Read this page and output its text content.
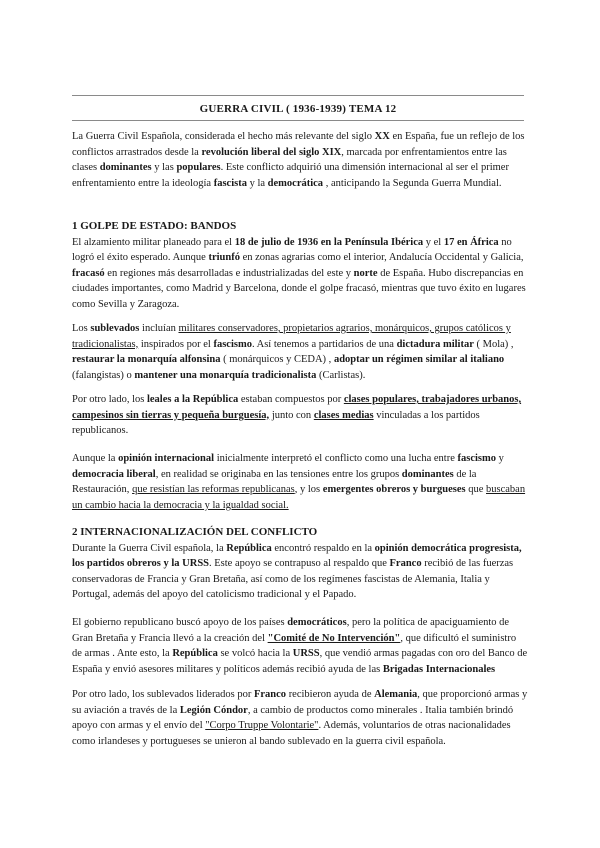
GUERRA CIVIL ( 1936-1939) TEMA 12

La Guerra Civil Española, considerada el hecho más relevante del siglo XX en España, fue un reflejo de los conflictos arrastrados desde la revolución liberal del siglo XIX, marcada por enfrentamientos entre las clases dominantes y las populares. Este conflicto adquirió una dimensión internacional al ser el primer enfrentamiento entre la ideología fascista y la democrática , anticipando la Segunda Guerra Mundial.

1 GOLPE DE ESTADO: BANDOS

El alzamiento militar planeado para el 18 de julio de 1936 en la Península Ibérica y el 17 en África no logró el éxito esperado. Aunque triunfó en zonas agrarias como el interior, Andalucía Occidental y Galicia, fracasó en regiones más desarrolladas e industrializadas del este y norte de España. Hubo discrepancias en ciudades importantes, como Madrid y Barcelona, donde el golpe fracasó, mientras que tuvo éxito en lugares como Sevilla y Zaragoza.

Los sublevados incluían militares conservadores, propietarios agrarios, monárquicos, grupos católicos y tradicionalistas, inspirados por el fascismo. Así tenemos a partidarios de una dictadura militar ( Mola) , restaurar la monarquía alfonsina ( monárquicos y CEDA) , adoptar un régimen similar al italiano (falangistas) o mantener una monarquía tradicionalista (Carlistas).

Por otro lado, los leales a la República estaban compuestos por clases populares, trabajadores urbanos, campesinos sin tierras y pequeña burguesía, junto con clases medias vinculadas a los partidos republicanos.

Aunque la opinión internacional inicialmente interpretó el conflicto como una lucha entre fascismo y democracia liberal, en realidad se originaba en las tensiones entre los grupos dominantes de la Restauración, que resistían las reformas republicanas, y los emergentes obreros y burgueses que buscaban un cambio hacia la democracia y la igualdad social.

2 INTERNACIONALIZACIÓN DEL CONFLICTO

Durante la Guerra Civil española, la República encontró respaldo en la opinión democrática progresista, los partidos obreros y la URSS. Este apoyo se contrapuso al respaldo que Franco recibió de las fuerzas conservadoras de Francia y Gran Bretaña, así como de los regímenes fascistas de Alemania, Italia y Portugal, además del apoyo del catolicismo tradicional y el Papado.

El gobierno republicano buscó apoyo de los países democráticos, pero la política de apaciguamiento de Gran Bretaña y Francia llevó a la creación del "Comité de No Intervención", que dificultó el suministro de armas . Ante esto, la República se volcó hacia la URSS, que vendió armas pagadas con oro del Banco de España y envió asesores militares y políticos además recibió ayuda de las Brigadas Internacionales

Por otro lado, los sublevados liderados por Franco recibieron ayuda de Alemania, que proporcionó armas y su aviación a través de la Legión Cóndor, a cambio de productos como minerales . Italia también brindó apoyo con armas y el envío del "Corpo Truppe Volontarie". Además, voluntarios de otras nacionalidades como irlandeses y portugueses se unieron al bando sublevado en la guerra civil española.
